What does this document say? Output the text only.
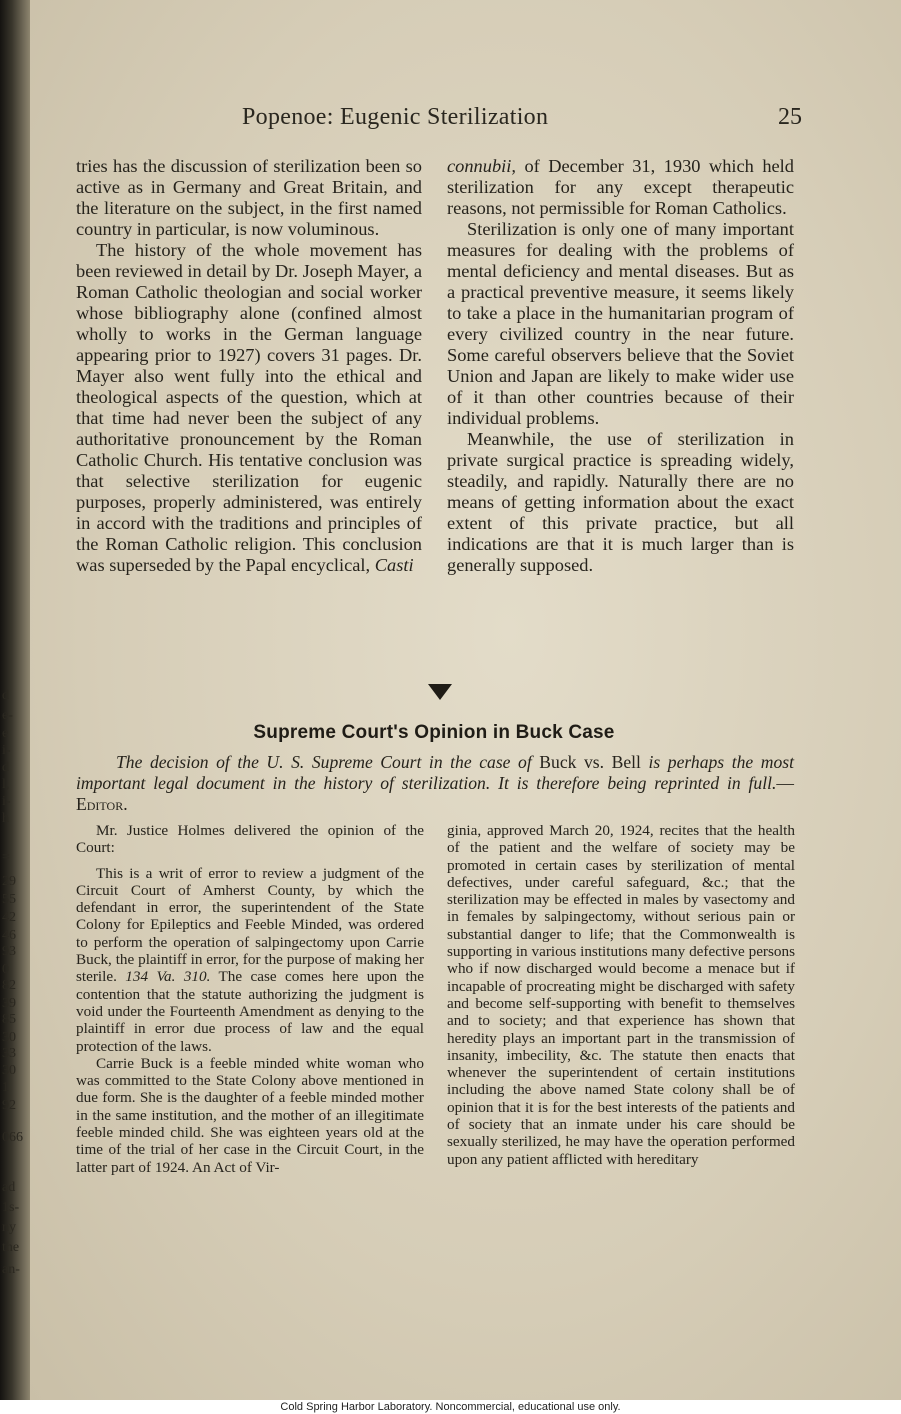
d
e-
e
i-
d
l,
i-
h
=
29
55
42
46
93
0
82
39
85
30
33
30
1
92
066
ad
1s-
ny
the
an-
Popenoe: Eugenic Sterilization	25

tries has the discussion of sterilization been so active as in Germany and Great Britain, and the literature on the subject, in the first named country in particular, is now voluminous.

The history of the whole movement has been reviewed in detail by Dr. Joseph Mayer, a Roman Catholic theologian and social worker whose bibliography alone (confined almost wholly to works in the German language appearing prior to 1927) covers 31 pages. Dr. Mayer also went fully into the ethical and theological aspects of the question, which at that time had never been the subject of any authoritative pronouncement by the Roman Catholic Church. His tentative conclusion was that selective sterilization for eugenic purposes, properly administered, was entirely in accord with the traditions and principles of the Roman Catholic religion. This conclusion was superseded by the Papal encyclical, Casti

connubii, of December 31, 1930 which held sterilization for any except therapeutic reasons, not permissible for Roman Catholics.

Sterilization is only one of many important measures for dealing with the problems of mental deficiency and mental diseases. But as a practical preventive measure, it seems likely to take a place in the humanitarian program of every civilized country in the near future. Some careful observers believe that the Soviet Union and Japan are likely to make wider use of it than other countries because of their individual problems.

Meanwhile, the use of sterilization in private surgical practice is spreading widely, steadily, and rapidly. Naturally there are no means of getting information about the exact extent of this private practice, but all indications are that it is much larger than is generally supposed.

Supreme Court's Opinion in Buck Case

The decision of the U. S. Supreme Court in the case of Buck vs. Bell is perhaps the most important legal document in the history of sterilization. It is therefore being reprinted in full.—Editor.

Mr. Justice Holmes delivered the opinion of the Court:

This is a writ of error to review a judgment of the Circuit Court of Amherst County, by which the defendant in error, the superintendent of the State Colony for Epileptics and Feeble Minded, was ordered to perform the operation of salpingectomy upon Carrie Buck, the plaintiff in error, for the purpose of making her sterile. 134 Va. 310. The case comes here upon the contention that the statute authorizing the judgment is void under the Fourteenth Amendment as denying to the plaintiff in error due process of law and the equal protection of the laws.

Carrie Buck is a feeble minded white woman who was committed to the State Colony above mentioned in due form. She is the daughter of a feeble minded mother in the same institution, and the mother of an illegitimate feeble minded child. She was eighteen years old at the time of the trial of her case in the Circuit Court, in the latter part of 1924. An Act of Vir-

ginia, approved March 20, 1924, recites that the health of the patient and the welfare of society may be promoted in certain cases by sterilization of mental defectives, under careful safeguard, &c.; that the sterilization may be effected in males by vasectomy and in females by salpingectomy, without serious pain or substantial danger to life; that the Commonwealth is supporting in various institutions many defective persons who if now discharged would become a menace but if incapable of procreating might be discharged with safety and become self-supporting with benefit to themselves and to society; and that experience has shown that heredity plays an important part in the transmission of insanity, imbecility, &c. The statute then enacts that whenever the superintendent of certain institutions including the above named State colony shall be of opinion that it is for the best interests of the patients and of society that an inmate under his care should be sexually sterilized, he may have the operation performed upon any patient afflicted with hereditary

Cold Spring Harbor Laboratory. Noncommercial, educational use only.
